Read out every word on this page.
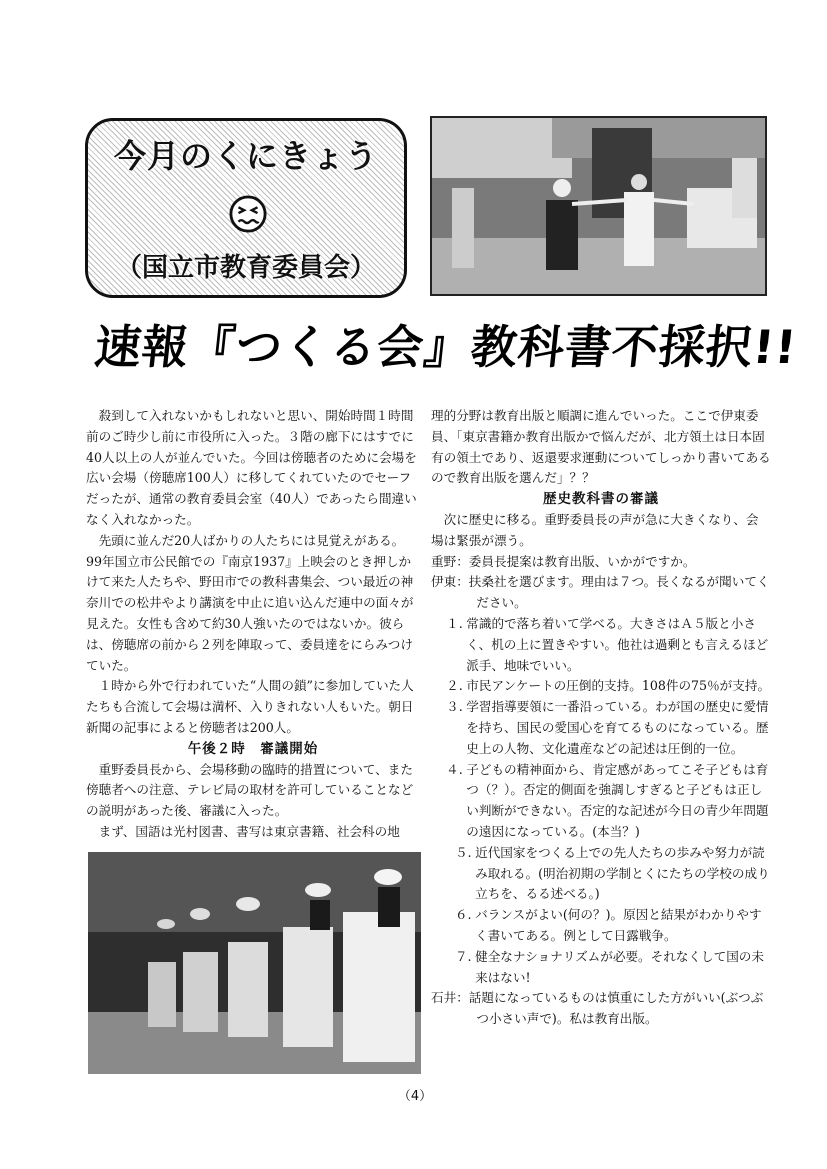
今月のくにきょう
（国立市教育委員会）
速報『つくる会』教科書不採択!!

殺到して入れないかもしれないと思い、開始時間１時間前のご時少し前に市役所に入った。３階の廊下にはすでに40人以上の人が並んでいた。今回は傍聴者のために会場を広い会場（傍聴席100人）に移してくれていたのでセーフだったが、通常の教育委員会室（40人）であったら間違いなく入れなかった。

先頭に並んだ20人ばかりの人たちには見覚えがある。99年国立市公民館での『南京1937』上映会のとき押しかけて来た人たちや、野田市での教科書集会、つい最近の神奈川での松井やより講演を中止に追い込んだ連中の面々が見えた。女性も含めて約30人強いたのではないか。彼らは、傍聴席の前から２列を陣取って、委員達をにらみつけていた。

１時から外で行われていた“人間の鎖”に参加していた人たちも合流して会場は満杯、入りきれない人もいた。朝日新聞の記事によると傍聴者は200人。

午後２時　審議開始

重野委員長から、会場移動の臨時的措置について、また傍聴者への注意、テレビ局の取材を許可していることなどの説明があった後、審議に入った。

まず、国語は光村図書、書写は東京書籍、社会科の地

理的分野は教育出版と順調に進んでいった。ここで伊東委員、「東京書籍か教育出版かで悩んだが、北方領土は日本固有の領土であり、返還要求運動についてしっかり書いてあるので教育出版を選んだ」？？

歴史教科書の審議

次に歴史に移る。重野委員長の声が急に大きくなり、会場は緊張が漂う。

重野：委員長提案は教育出版、いかがですか。

伊東：扶桑社を選びます。理由は７つ。長くなるが聞いてください。

１. 常識的で落ち着いて学べる。大きさはＡ５版と小さく、机の上に置きやすい。他社は過剰とも言えるほど派手、地味でいい。
２. 市民アンケートの圧倒的支持。108件の75％が支持。
３. 学習指導要領に一番沿っている。わが国の歴史に愛情を持ち、国民の愛国心を育てるものになっている。歴史上の人物、文化遺産などの記述は圧倒的一位。
４. 子どもの精神面から、肯定感があってこそ子どもは育つ（？）。否定的側面を強調しすぎると子どもは正しい判断ができない。否定的な記述が今日の青少年問題の遠因になっている。(本当？)
５. 近代国家をつくる上での先人たちの歩みや努力が読み取れる。(明治初期の学制とくにたちの学校の成り立ちを、るる述べる。)
６. バランスがよい(何の？)。原因と結果がわかりやすく書いてある。例として日露戦争。
７. 健全なナショナリズムが必要。それなくして国の未来はない!

石井：話題になっているものは慎重にした方がいい(ぶつぶつ小さい声で)。私は教育出版。

（4）
